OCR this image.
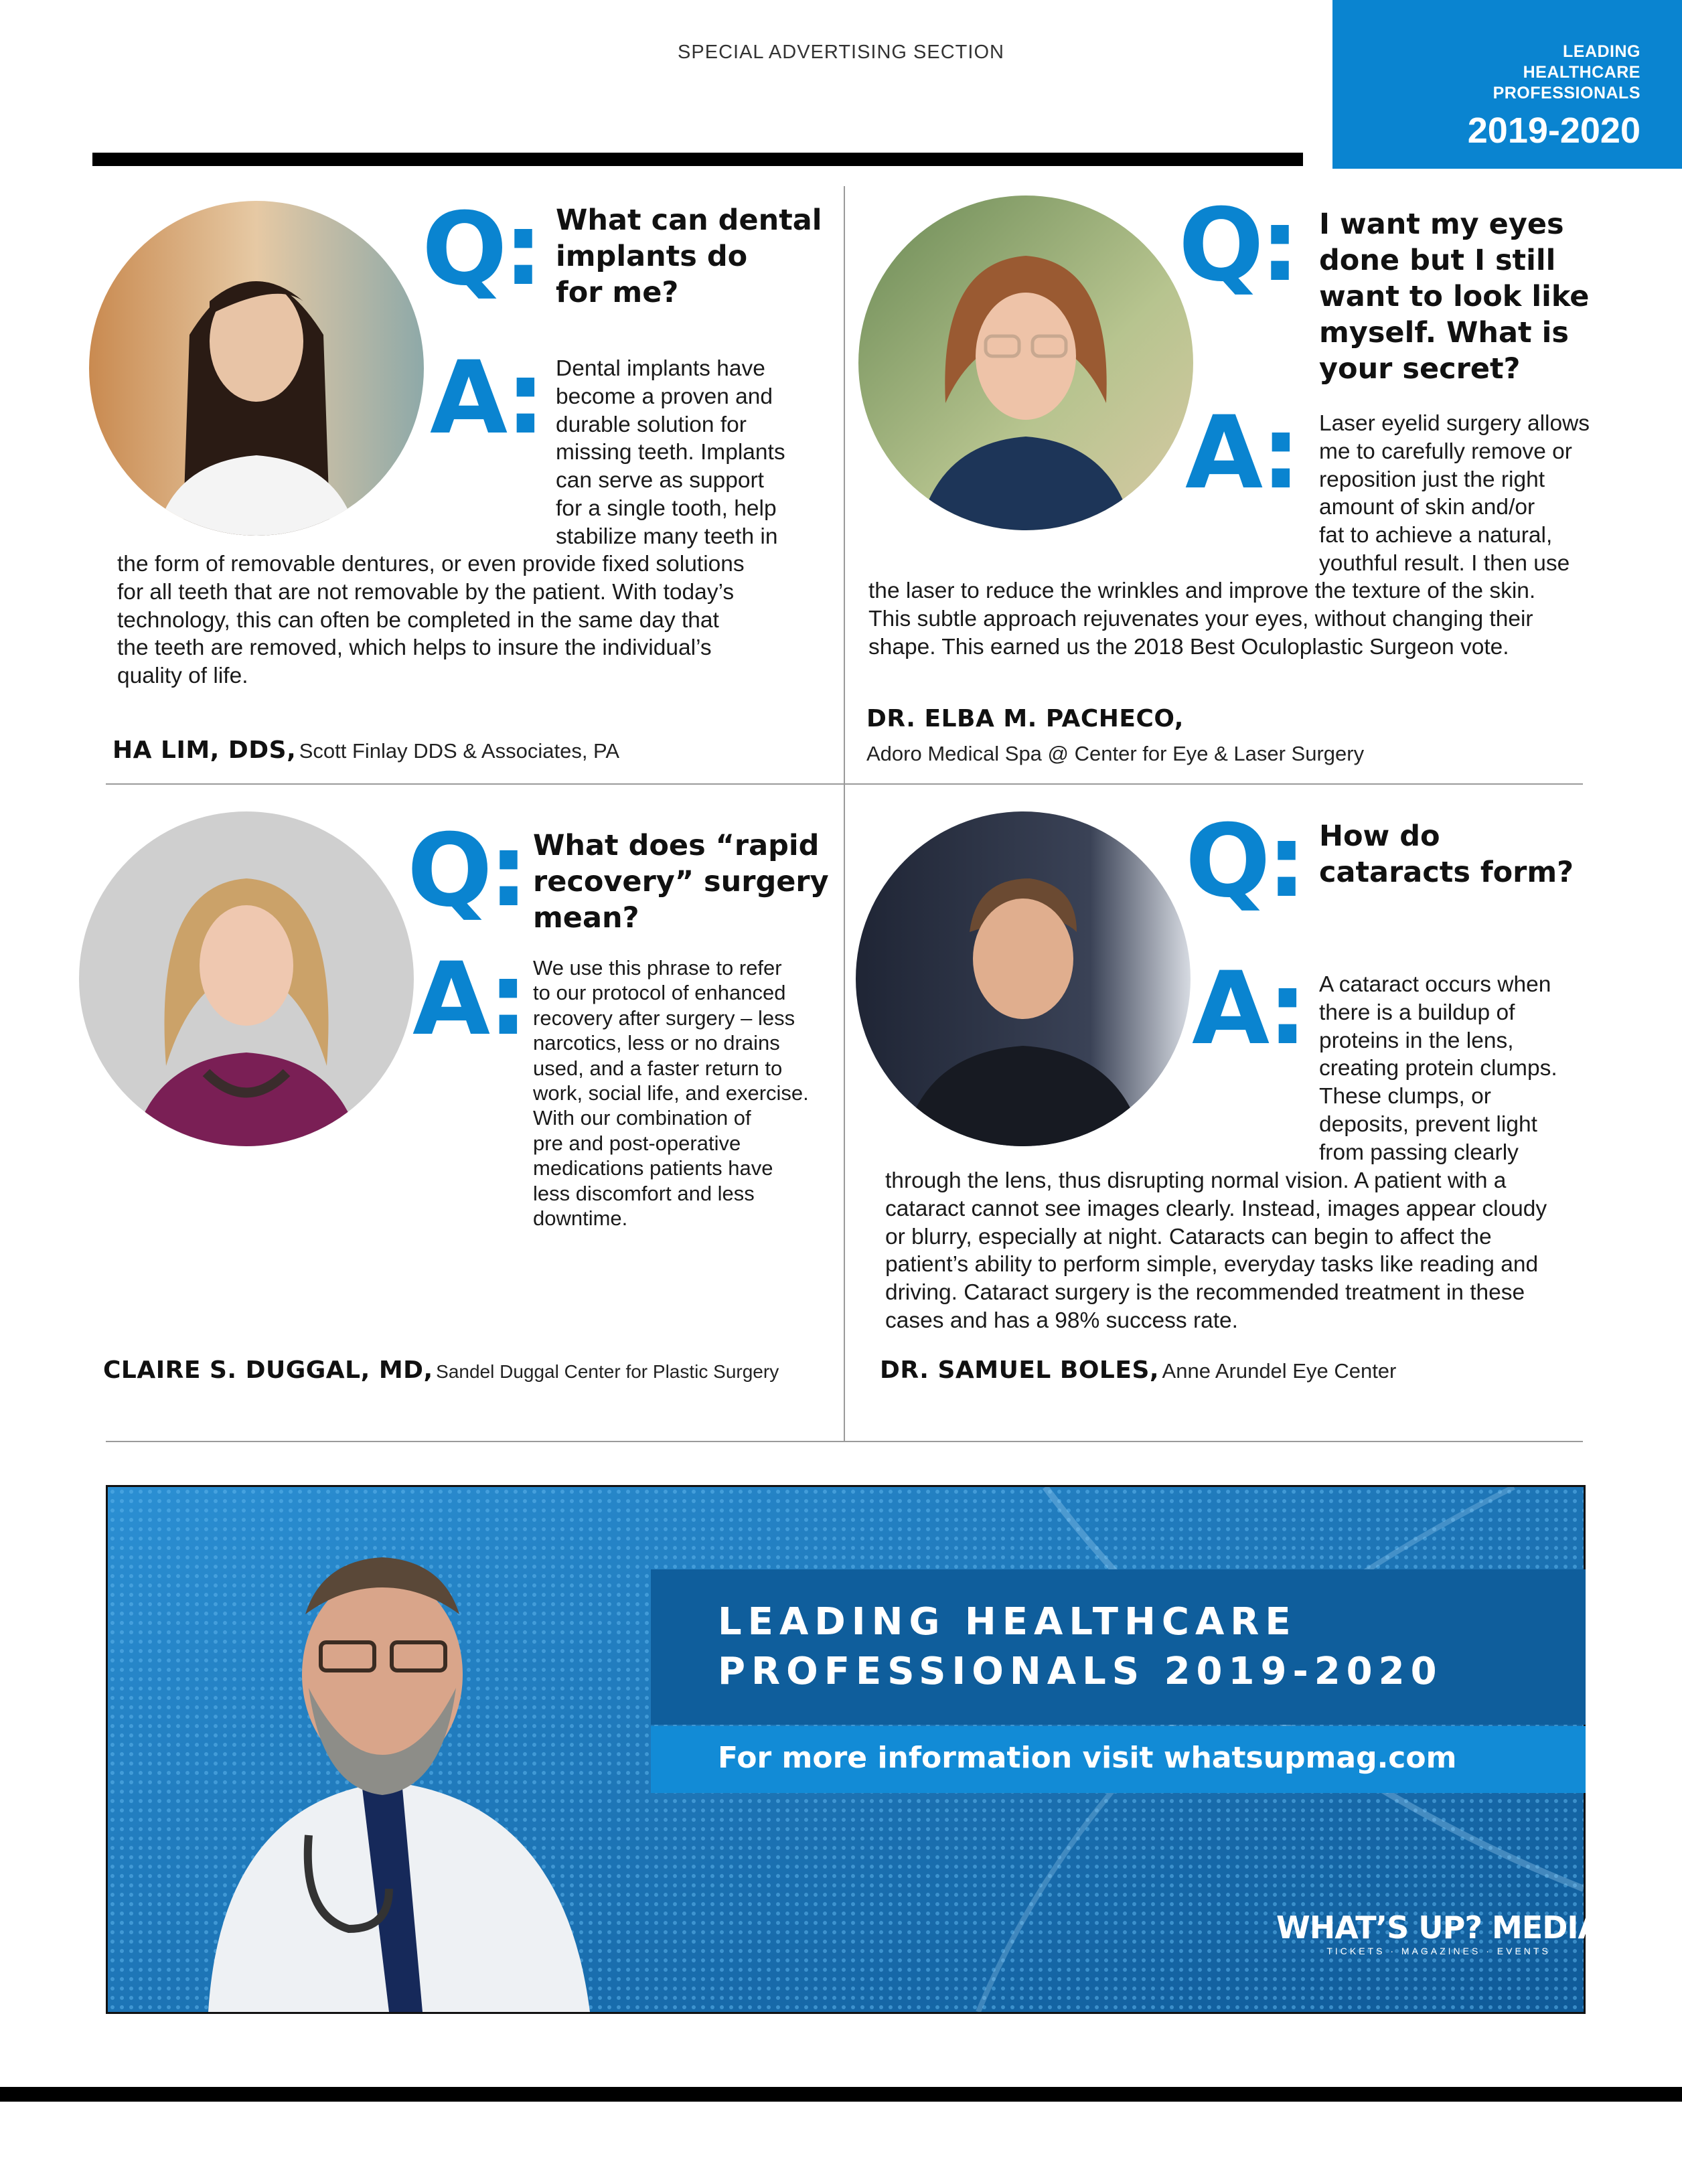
SPECIAL ADVERTISING SECTION	LEADING
HEALTHCARE
PROFESSIONALS
2019-2020
Q: What can dental
implants do
for me?
A: Dental implants have
become a proven and
durable solution for
missing teeth. Implants
can serve as support
for a single tooth, help
stabilize many teeth in
the form of removable dentures, or even provide fixed solutions
for all teeth that are not removable by the patient. With today’s
technology, this can often be completed in the same day that
the teeth are removed, which helps to insure the individual’s
quality of life.
HA LIM, DDS, Scott Finlay DDS & Associates, PA
Q: I want my eyes
done but I still
want to look like
myself. What is
your secret?
A: Laser eyelid surgery allows
me to carefully remove or
reposition just the right
amount of skin and/or
fat to achieve a natural,
youthful result. I then use
the laser to reduce the wrinkles and improve the texture of the skin.
This subtle approach rejuvenates your eyes, without changing their
shape. This earned us the 2018 Best Oculoplastic Surgeon vote.
DR. ELBA M. PACHECO,
Adoro Medical Spa @ Center for Eye & Laser Surgery
Q: What does “rapid
recovery” surgery
mean?
A: We use this phrase to refer
to our protocol of enhanced
recovery after surgery – less
narcotics, less or no drains
used, and a faster return to
work, social life, and exercise.
With our combination of
pre and post-operative
medications patients have
less discomfort and less
downtime.
CLAIRE S. DUGGAL, MD, Sandel Duggal Center for Plastic Surgery
Q: How do
cataracts form?
A: A cataract occurs when
there is a buildup of
proteins in the lens,
creating protein clumps.
These clumps, or
deposits, prevent light
from passing clearly
through the lens, thus disrupting normal vision. A patient with a
cataract cannot see images clearly. Instead, images appear cloudy
or blurry, especially at night. Cataracts can begin to affect the
patient’s ability to perform simple, everyday tasks like reading and
driving. Cataract surgery is the recommended treatment in these
cases and has a 98% success rate.
DR. SAMUEL BOLES, Anne Arundel Eye Center
LEADING HEALTHCARE
PROFESSIONALS 2019-2020
For more information visit whatsupmag.com
WHAT’S UP? MEDIA
TICKETS · MAGAZINES · EVENTS
